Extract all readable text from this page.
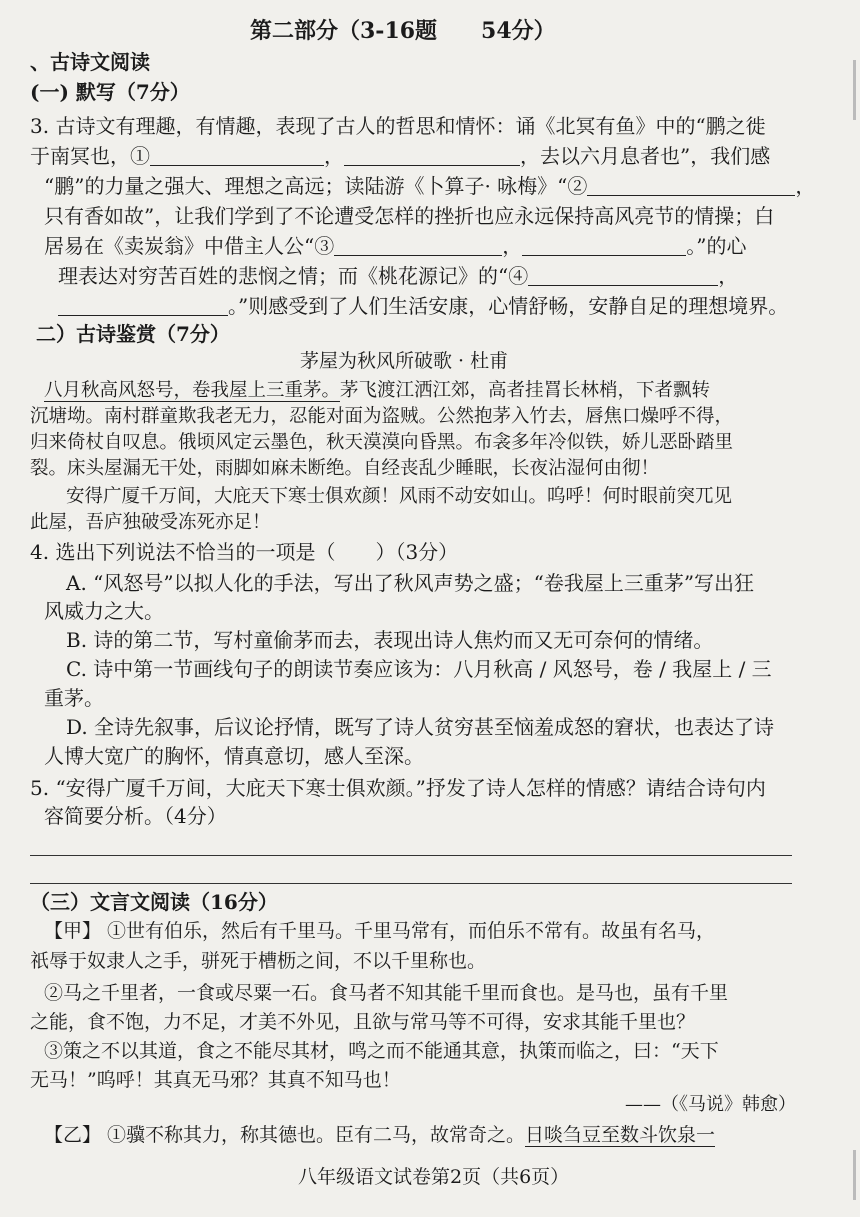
第二部分（3-16题　　54分）
、古诗文阅读
(一) 默写（7分）
3. 古诗文有理趣，有情趣，表现了古人的哲思和情怀：诵《北冥有鱼》中的“鹏之徙
于南冥也，①	，	，去以六月息者也”，我们感
“鹏”的力量之强大、理想之高远；读陆游《卜算子· 咏梅》“②	，
只有香如故”，让我们学到了不论遭受怎样的挫折也应永远保持高风亮节的情操；白
居易在《卖炭翁》中借主人公“③	，	。”的心
理表达对穷苦百姓的悲悯之情；而《桃花源记》的“④	，
。”则感受到了人们生活安康，心情舒畅，安静自足的理想境界。
二）古诗鉴赏（7分）
茅屋为秋风所破歌 · 杜甫
八月秋高风怒号，卷我屋上三重茅。茅飞渡江洒江郊，高者挂罥长林梢，下者飘转
沉塘坳。南村群童欺我老无力，忍能对面为盗贼。公然抱茅入竹去，唇焦口燥呼不得，
归来倚杖自叹息。俄顷风定云墨色，秋天漠漠向昏黑。布衾多年冷似铁，娇儿恶卧踏里
裂。床头屋漏无干处，雨脚如麻未断绝。自经丧乱少睡眠，长夜沾湿何由彻！
安得广厦千万间，大庇天下寒士俱欢颜！风雨不动安如山。呜呼！何时眼前突兀见
此屋，吾庐独破受冻死亦足！
4. 选出下列说法不恰当的一项是（　　）（3分）
A. “风怒号”以拟人化的手法，写出了秋风声势之盛；“卷我屋上三重茅”写出狂
风威力之大。
B. 诗的第二节，写村童偷茅而去，表现出诗人焦灼而又无可奈何的情绪。
C. 诗中第一节画线句子的朗读节奏应该为：八月秋高 / 风怒号，卷 / 我屋上 / 三
重茅。
D. 全诗先叙事，后议论抒情，既写了诗人贫穷甚至恼羞成怒的窘状，也表达了诗
人博大宽广的胸怀，情真意切，感人至深。
5. “安得广厦千万间，大庇天下寒士俱欢颜。”抒发了诗人怎样的情感？请结合诗句内
容简要分析。（4分）
（三）文言文阅读（16分）
【甲】 ①世有伯乐，然后有千里马。千里马常有，而伯乐不常有。故虽有名马，
祇辱于奴隶人之手，骈死于槽枥之间，不以千里称也。
②马之千里者，一食或尽粟一石。食马者不知其能千里而食也。是马也，虽有千里
之能，食不饱，力不足，才美不外见，且欲与常马等不可得，安求其能千里也？
③策之不以其道，食之不能尽其材，鸣之而不能通其意，执策而临之，曰：“天下
无马！”呜呼！其真无马邪？其真不知马也！
——（《马说》韩愈）
【乙】 ①骥不称其力，称其德也。臣有二马，故常奇之。日啖刍豆至数斗饮泉一
八年级语文试卷第2页（共6页）
